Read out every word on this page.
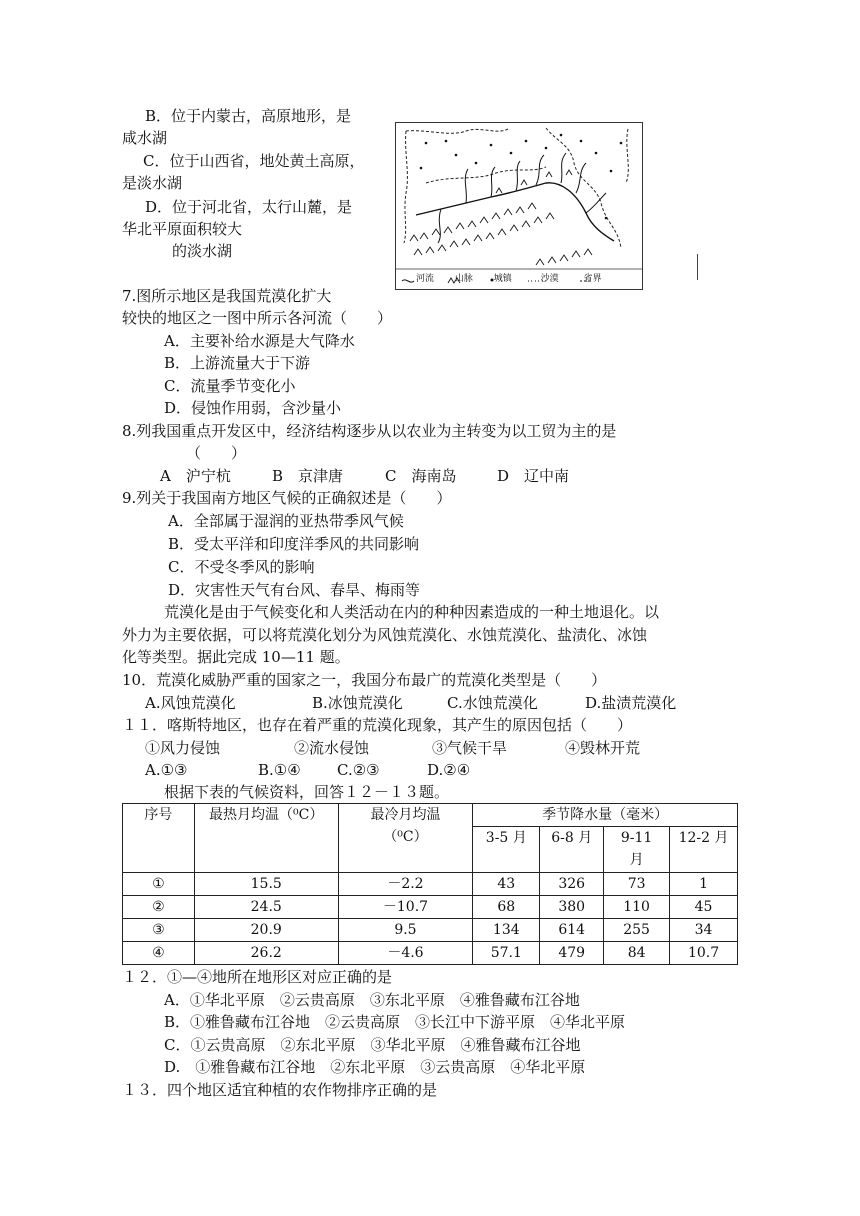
B．位于内蒙古，高原地形，是
咸水湖
C．位于山西省，地处黄土高原，
是淡水湖
D．位于河北省，太行山麓，是
华北平原面积较大
的淡水湖
河流 山脉 城镇	沙漠	省界
7.图所示地区是我国荒漠化扩大
较快的地区之一图中所示各河流（　　）
A．主要补给水源是大气降水
B．上游流量大于下游
C．流量季节变化小
D．侵蚀作用弱，含沙量小
8.列我国重点开发区中，经济结构逐步从以农业为主转变为以工贸为主的是
（　　）
A　沪宁杭	B　京津唐	C　海南岛	D　辽中南
9.列关于我国南方地区气候的正确叙述是（　　）
A．全部属于湿润的亚热带季风气候
B．受太平洋和印度洋季风的共同影响
C．不受冬季风的影响
D．灾害性天气有台风、春旱、梅雨等
荒漠化是由于气候变化和人类活动在内的种种因素造成的一种土地退化。以
外力为主要依据，可以将荒漠化划分为风蚀荒漠化、水蚀荒漠化、盐渍化、冰蚀
化等类型。据此完成 10—11 题。
10．荒漠化威胁严重的国家之一，我国分布最广的荒漠化类型是（　　）
A.风蚀荒漠化	B.冰蚀荒漠化	C.水蚀荒漠化	D.盐渍荒漠化
１１．喀斯特地区，也存在着严重的荒漠化现象，其产生的原因包括（　　）
①风力侵蚀	②流水侵蚀	③气候干旱	④毁林开荒
A.①③	B.①④ C.②③	D.②④
根据下表的气候资料，回答１２－１３题。
序号	最热月均温（⁰C）	最冷月均温
（⁰C）	季节降水量（毫米）			
			3-5 月	6-8 月	9-11
月	12-2 月

①	15.5	－2.2	43	326	73	1
②	24.5	－10.7	68	380	110	45
③	20.9	9.5	134	614	255	34
④	26.2	－4.6	57.1	479	84	10.7
１２．①—④地所在地形区对应正确的是
A．①华北平原　②云贵高原　③东北平原　④雅鲁藏布江谷地
B．①雅鲁藏布江谷地　②云贵高原　③长江中下游平原　④华北平原
C．①云贵高原　②东北平原　③华北平原　④雅鲁藏布江谷地
D.　①雅鲁藏布江谷地　②东北平原　③云贵高原　④华北平原
１３．四个地区适宜种植的农作物排序正确的是
